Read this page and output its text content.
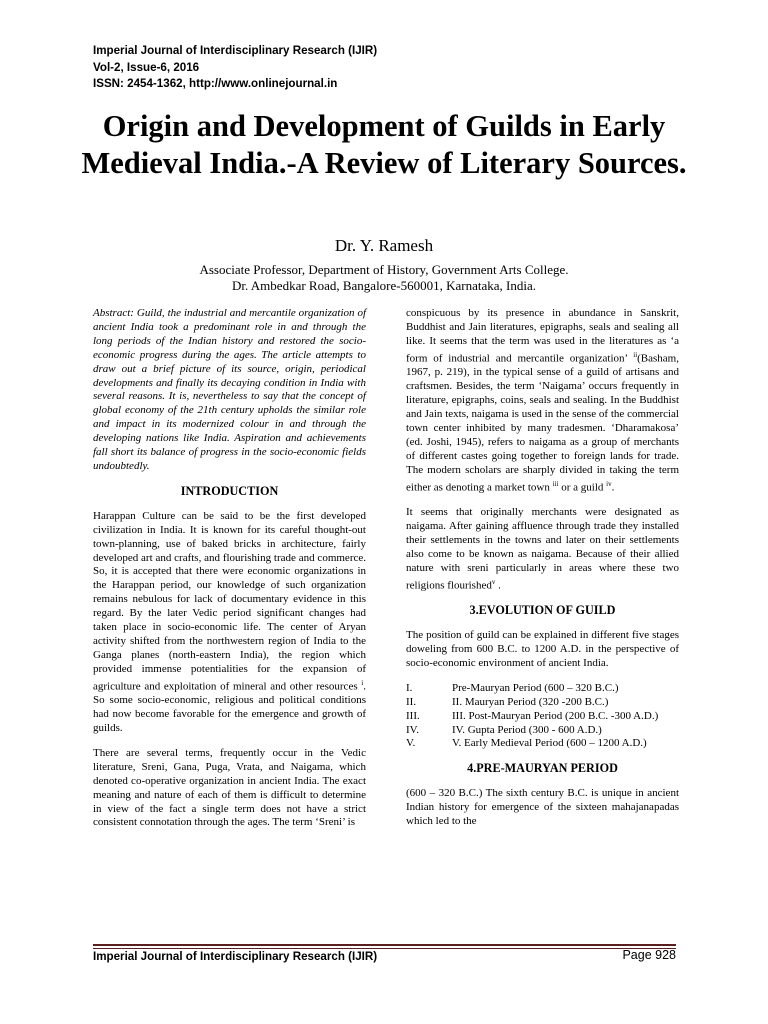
Imperial Journal of Interdisciplinary Research (IJIR)
Vol-2, Issue-6, 2016
ISSN: 2454-1362, http://www.onlinejournal.in
Origin and Development of Guilds in Early Medieval India.-A Review of Literary Sources.
Dr. Y. Ramesh
Associate Professor, Department of History, Government Arts College.
Dr. Ambedkar Road, Bangalore-560001, Karnataka, India.

Abstract: Guild, the industrial and mercantile organization of ancient India took a predominant role in and through the long periods of the Indian history and restored the socio-economic progress during the ages. The article attempts to draw out a brief picture of its source, origin, periodical developments and finally its decaying condition in India with several reasons. It is, nevertheless to say that the concept of global economy of the 21th century upholds the similar role and impact in its modernized colour in and through the developing nations like India. Aspiration and achievements fall short its balance of progress in the socio-economic fields undoubtedly.

INTRODUCTION

Harappan Culture can be said to be the first developed civilization in India. It is known for its careful thought-out town-planning, use of baked bricks in architecture, fairly developed art and crafts, and flourishing trade and commerce. So, it is accepted that there were economic organizations in the Harappan period, our knowledge of such organization remains nebulous for lack of documentary evidence in this regard. By the later Vedic period significant changes had taken place in socio-economic life. The center of Aryan activity shifted from the northwestern region of India to the Ganga planes (north-eastern India), the region which provided immense potentialities for the expansion of agriculture and exploitation of mineral and other resources $^i$. So some socio-economic, religious and political conditions had now become favorable for the emergence and growth of guilds.

There are several terms, frequently occur in the Vedic literature, Sreni, Gana, Puga, Vrata, and Naigama, which denoted co-operative organization in ancient India. The exact meaning and nature of each of them is difficult to determine in view of the fact a single term does not have a strict consistent connotation through the ages. The term ‘Sreni’ is

conspicuous by its presence in abundance in Sanskrit, Buddhist and Jain literatures, epigraphs, seals and sealing all like. It seems that the term was used in the literatures as ‘a form of industrial and mercantile organization’ $^{ii}$(Basham, 1967, p. 219), in the typical sense of a guild of artisans and craftsmen. Besides, the term ‘Naigama’ occurs frequently in literature, epigraphs, coins, seals and sealing. In the Buddhist and Jain texts, naigama is used in the sense of the commercial town center inhibited by many tradesmen. ‘Dharamakosa’ (ed. Joshi, 1945), refers to naigama as a group of merchants of different castes going together to foreign lands for trade. The modern scholars are sharply divided in taking the term either as denoting a market town $^{iii}$ or a guild $^{iv}$.

It seems that originally merchants were designated as naigama. After gaining affluence through trade they installed their settlements in the towns and later on their settlements also come to be known as naigama. Because of their allied nature with sreni particularly in areas where these two religions flourished$^v$ .

3.EVOLUTION OF GUILD

The position of guild can be explained in different five stages doweling from 600 B.C. to 1200 A.D. in the perspective of socio-economic environment of ancient India.

I.	Pre-Mauryan Period (600 – 320 B.C.)
II.	II. Mauryan Period (320 -200 B.C.)
III.	III. Post-Mauryan Period (200 B.C. -300 A.D.)
IV.	IV. Gupta Period (300 - 600 A.D.)
V.	V. Early Medieval Period (600 – 1200 A.D.)
4.PRE-MAURYAN PERIOD

(600 – 320 B.C.) The sixth century B.C. is unique in ancient Indian history for emergence of the sixteen mahajanapadas which led to the

Imperial Journal of Interdisciplinary Research (IJIR)	Page 928
